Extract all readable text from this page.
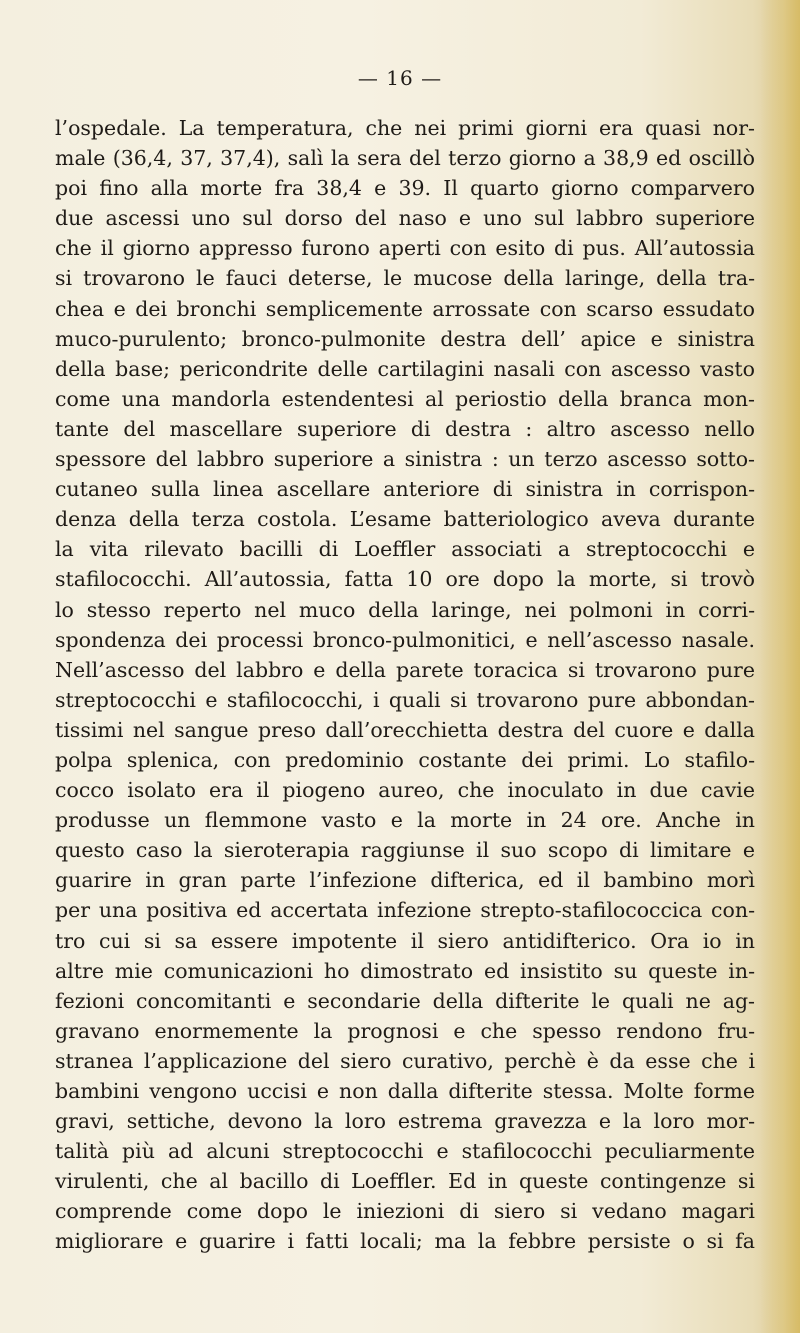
— 16 —
l’ospedale. La temperatura, che nei primi giorni era quasi nor-
male (36,4, 37, 37,4), salì la sera del terzo giorno a 38,9 ed oscillò
poi fino alla morte fra 38,4 e 39. Il quarto giorno comparvero
due ascessi uno sul dorso del naso e uno sul labbro superiore
che il giorno appresso furono aperti con esito di pus. All’autossia
si trovarono le fauci deterse, le mucose della laringe, della tra-
chea e dei bronchi semplicemente arrossate con scarso essudato
muco-purulento; bronco-pulmonite destra dell’ apice e sinistra
della base; pericondrite delle cartilagini nasali con ascesso vasto
come una mandorla estendentesi al periostio della branca mon-
tante del mascellare superiore di destra : altro ascesso nello
spessore del labbro superiore a sinistra : un terzo ascesso sotto-
cutaneo sulla linea ascellare anteriore di sinistra in corrispon-
denza della terza costola. L’esame batteriologico aveva durante
la vita rilevato bacilli di Loeffler associati a streptococchi e
stafilococchi. All’autossia, fatta 10 ore dopo la morte, si trovò
lo stesso reperto nel muco della laringe, nei polmoni in corri-
spondenza dei processi bronco-pulmonitici, e nell’ascesso nasale.
Nell’ascesso del labbro e della parete toracica si trovarono pure
streptococchi e stafilococchi, i quali si trovarono pure abbondan-
tissimi nel sangue preso dall’orecchietta destra del cuore e dalla
polpa splenica, con predominio costante dei primi. Lo stafilo-
cocco isolato era il piogeno aureo, che inoculato in due cavie
produsse un flemmone vasto e la morte in 24 ore. Anche in
questo caso la sieroterapia raggiunse il suo scopo di limitare e
guarire in gran parte l’infezione difterica, ed il bambino morì
per una positiva ed accertata infezione strepto-stafilococcica con-
tro cui si sa essere impotente il siero antidifterico. Ora io in
altre mie comunicazioni ho dimostrato ed insistito su queste in-
fezioni concomitanti e secondarie della difterite le quali ne ag-
gravano enormemente la prognosi e che spesso rendono fru-
stranea l’applicazione del siero curativo, perchè è da esse che i
bambini vengono uccisi e non dalla difterite stessa. Molte forme
gravi, settiche, devono la loro estrema gravezza e la loro mor-
talità più ad alcuni streptococchi e stafilococchi peculiarmente
virulenti, che al bacillo di Loeffler. Ed in queste contingenze si
comprende come dopo le iniezioni di siero si vedano magari
migliorare e guarire i fatti locali; ma la febbre persiste o si fa
